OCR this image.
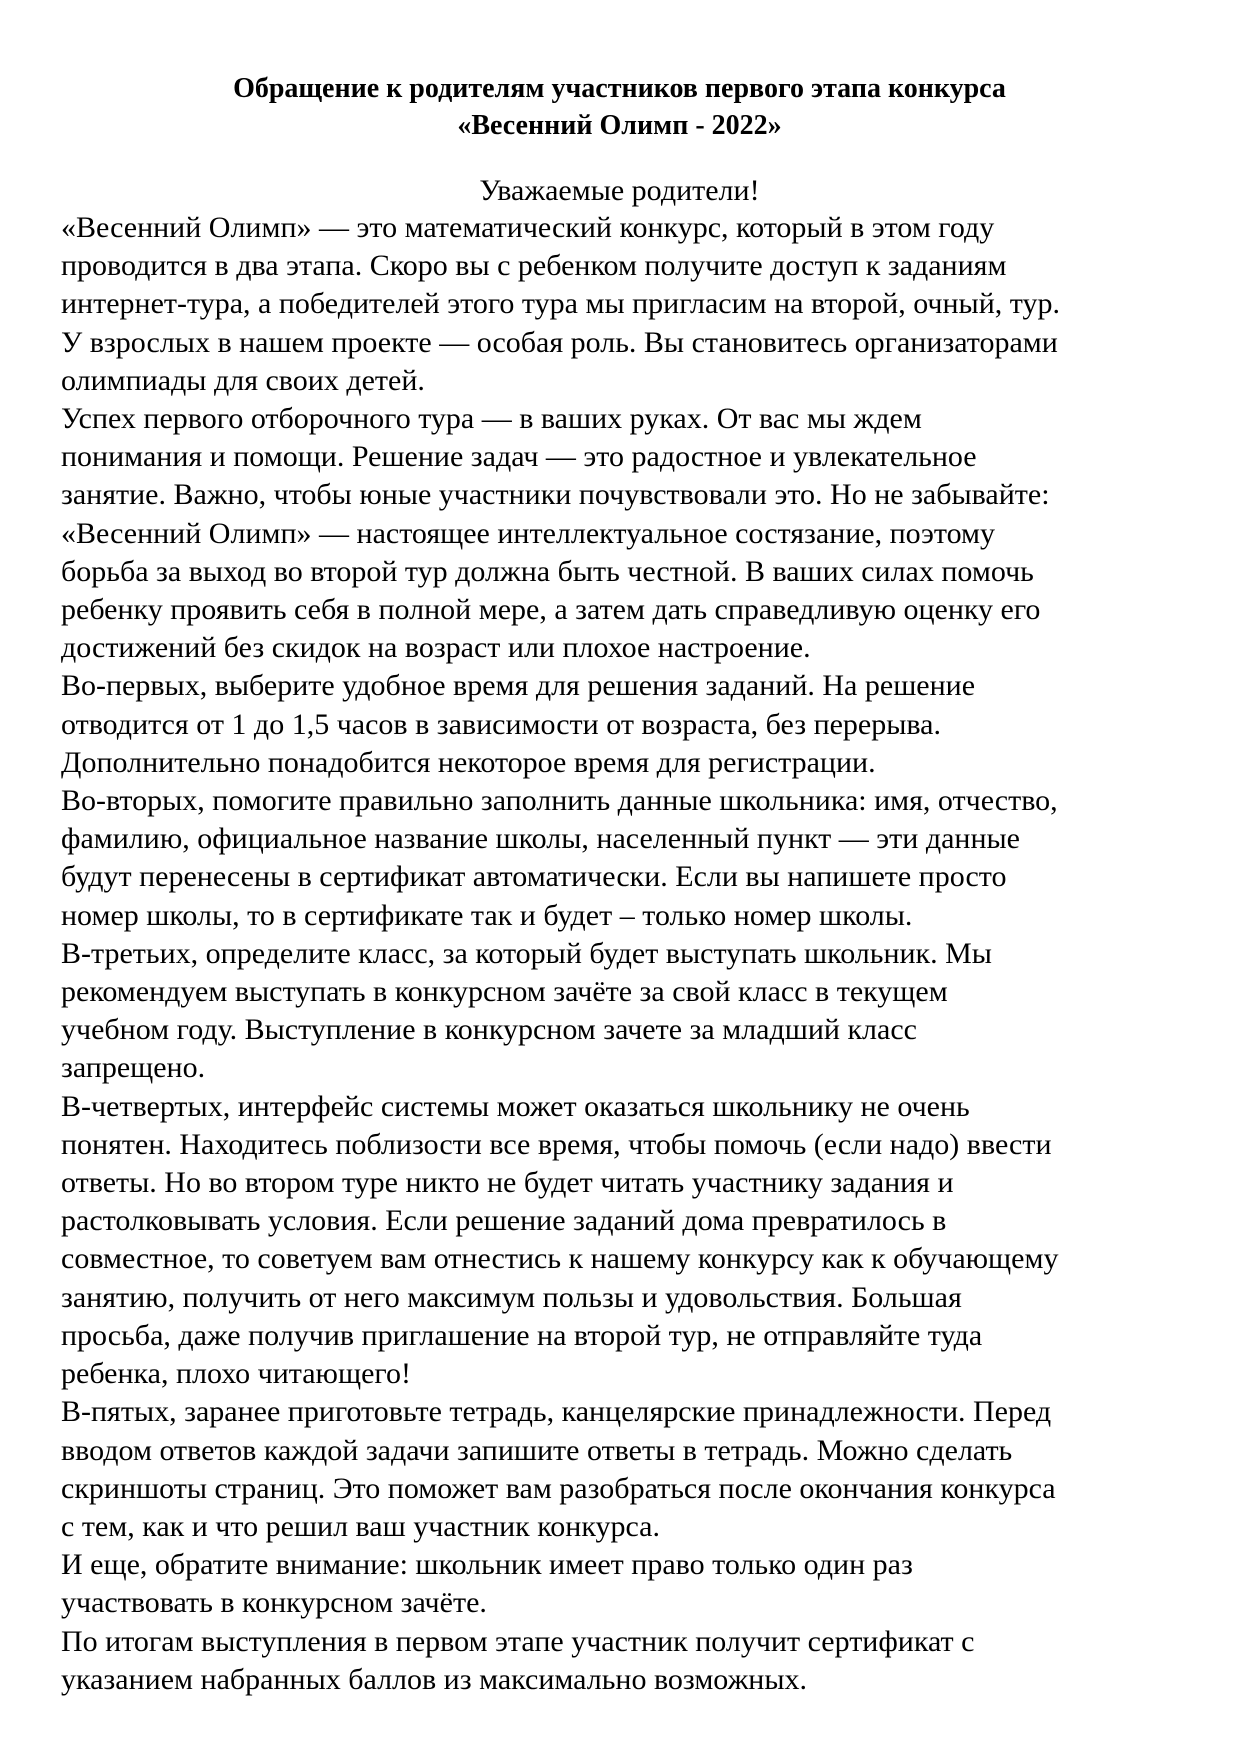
Обращение к родителям участников первого этапа конкурса
«Весенний Олимп - 2022»
Уважаемые родители!

«Весенний Олимп» — это математический конкурс, который в этом году
проводится в два этапа. Скоро вы с ребенком получите доступ к заданиям
интернет-тура, а победителей этого тура мы пригласим на второй, очный, тур.
У взрослых в нашем проекте — особая роль. Вы становитесь организаторами
олимпиады для своих детей.

Успех первого отборочного тура — в ваших руках. От вас мы ждем
понимания и помощи. Решение задач — это радостное и увлекательное
занятие. Важно, чтобы юные участники почувствовали это. Но не забывайте:
«Весенний Олимп» — настоящее интеллектуальное состязание, поэтому
борьба за выход во второй тур должна быть честной. В ваших силах помочь
ребенку проявить себя в полной мере, а затем дать справедливую оценку его
достижений без скидок на возраст или плохое настроение.

Во-первых, выберите удобное время для решения заданий. На решение
отводится от 1 до 1,5 часов в зависимости от возраста, без перерыва.
Дополнительно понадобится некоторое время для регистрации.

Во-вторых, помогите правильно заполнить данные школьника: имя, отчество,
фамилию, официальное название школы, населенный пункт — эти данные
будут перенесены в сертификат автоматически. Если вы напишете просто
номер школы, то в сертификате так и будет – только номер школы.

В-третьих, определите класс, за который будет выступать школьник. Мы
рекомендуем выступать в конкурсном зачёте за свой класс в текущем
учебном году. Выступление в конкурсном зачете за младший класс
запрещено.

В-четвертых, интерфейс системы может оказаться школьнику не очень
понятен. Находитесь поблизости все время, чтобы помочь (если надо) ввести
ответы. Но во втором туре никто не будет читать участнику задания и
растолковывать условия. Если решение заданий дома превратилось в
совместное, то советуем вам отнестись к нашему конкурсу как к обучающему
занятию, получить от него максимум пользы и удовольствия. Большая
просьба, даже получив приглашение на второй тур, не отправляйте туда
ребенка, плохо читающего!

В-пятых, заранее приготовьте тетрадь, канцелярские принадлежности. Перед
вводом ответов каждой задачи запишите ответы в тетрадь. Можно сделать
скриншоты страниц. Это поможет вам разобраться после окончания конкурса
с тем, как и что решил ваш участник конкурса.

И еще, обратите внимание: школьник имеет право только один раз
участвовать в конкурсном зачёте.

По итогам выступления в первом этапе участник получит сертификат с
указанием набранных баллов из максимально возможных.
